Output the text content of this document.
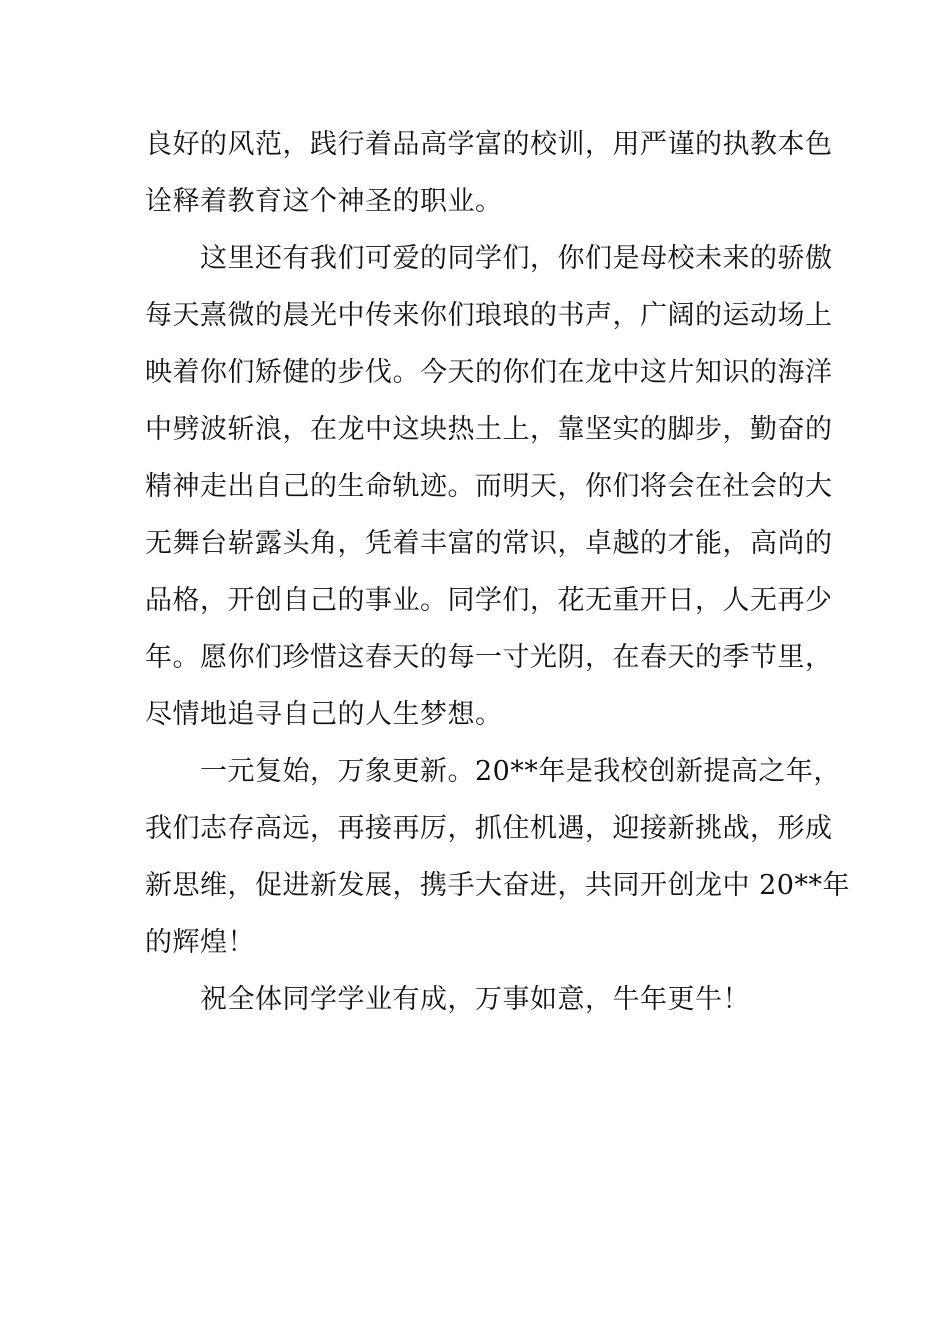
良好的风范，践行着品高学富的校训，用严谨的执教本色
诠释着教育这个神圣的职业。
这里还有我们可爱的同学们，你们是母校未来的骄傲
每天熹微的晨光中传来你们琅琅的书声，广阔的运动场上
映着你们矫健的步伐。今天的你们在龙中这片知识的海洋
中劈波斩浪，在龙中这块热土上，靠坚实的脚步，勤奋的
精神走出自己的生命轨迹。而明天，你们将会在社会的大
无舞台崭露头角，凭着丰富的常识，卓越的才能，高尚的
品格，开创自己的事业。同学们，花无重开日，人无再少
年。愿你们珍惜这春天的每一寸光阴，在春天的季节里，
尽情地追寻自己的人生梦想。
一元复始，万象更新。20**年是我校创新提高之年，
我们志存高远，再接再厉，抓住机遇，迎接新挑战，形成
新思维，促进新发展，携手大奋进，共同开创龙中 20**年
的辉煌！
祝全体同学学业有成，万事如意，牛年更牛！
